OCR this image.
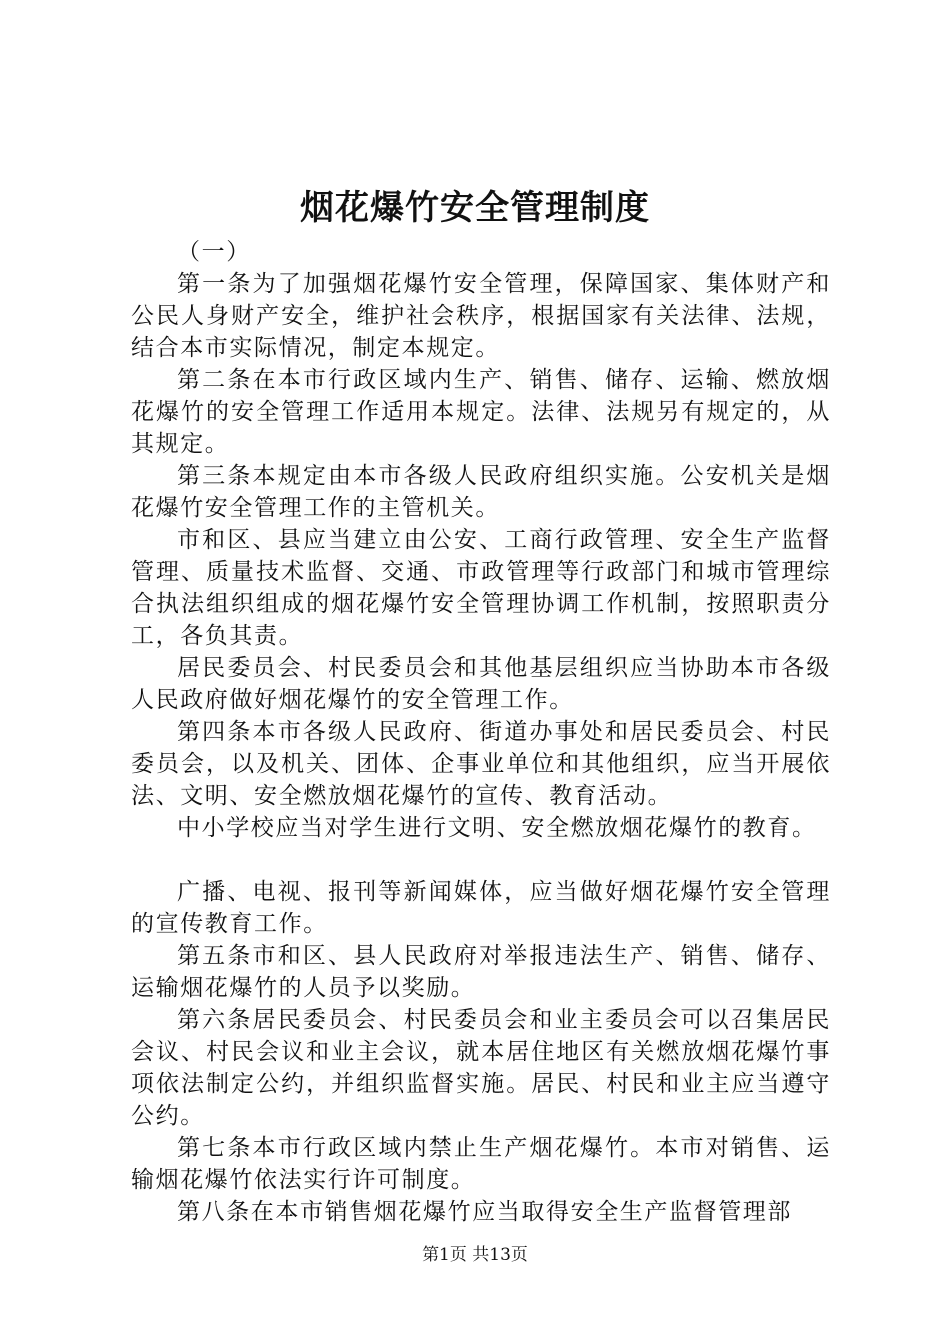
烟花爆竹安全管理制度

（一）

第一条为了加强烟花爆竹安全管理，保障国家、集体财产和公民人身财产安全，维护社会秩序，根据国家有关法律、法规，结合本市实际情况，制定本规定。

第二条在本市行政区域内生产、销售、储存、运输、燃放烟花爆竹的安全管理工作适用本规定。法律、法规另有规定的，从其规定。

第三条本规定由本市各级人民政府组织实施。公安机关是烟花爆竹安全管理工作的主管机关。

市和区、县应当建立由公安、工商行政管理、安全生产监督管理、质量技术监督、交通、市政管理等行政部门和城市管理综合执法组织组成的烟花爆竹安全管理协调工作机制，按照职责分工，各负其责。

居民委员会、村民委员会和其他基层组织应当协助本市各级人民政府做好烟花爆竹的安全管理工作。

第四条本市各级人民政府、街道办事处和居民委员会、村民委员会，以及机关、团体、企事业单位和其他组织，应当开展依法、文明、安全燃放烟花爆竹的宣传、教育活动。

中小学校应当对学生进行文明、安全燃放烟花爆竹的教育。

广播、电视、报刊等新闻媒体，应当做好烟花爆竹安全管理的宣传教育工作。

第五条市和区、县人民政府对举报违法生产、销售、储存、运输烟花爆竹的人员予以奖励。

第六条居民委员会、村民委员会和业主委员会可以召集居民会议、村民会议和业主会议，就本居住地区有关燃放烟花爆竹事项依法制定公约，并组织监督实施。居民、村民和业主应当遵守公约。

第七条本市行政区域内禁止生产烟花爆竹。本市对销售、运输烟花爆竹依法实行许可制度。

第八条在本市销售烟花爆竹应当取得安全生产监督管理部

第1页 共13页
